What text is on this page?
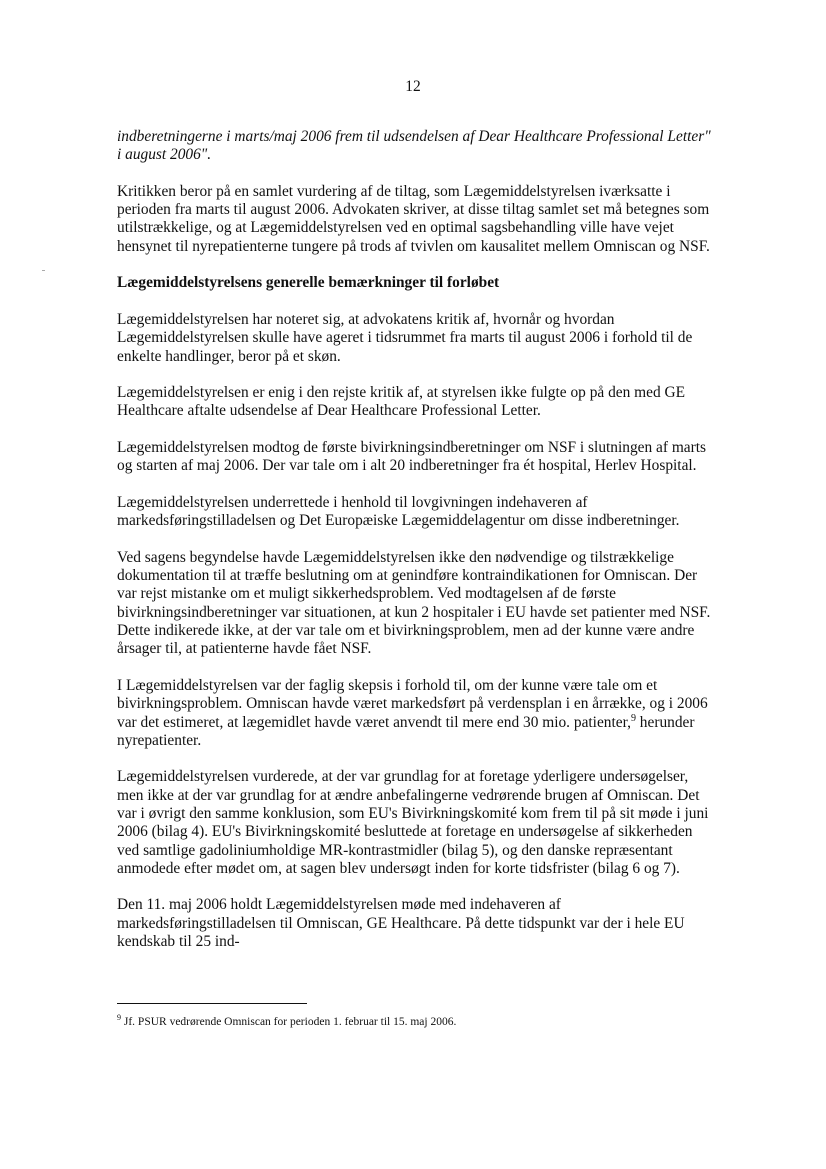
12

indberetningerne i marts/maj 2006 frem til udsendelsen af Dear Healthcare Professional Letter" i august 2006".

Kritikken beror på en samlet vurdering af de tiltag, som Lægemiddelstyrelsen iværksatte i perioden fra marts til august 2006. Advokaten skriver, at disse tiltag samlet set må betegnes som utilstrækkelige, og at Lægemiddelstyrelsen ved en optimal sagsbehandling ville have vejet hensynet til nyrepatienterne tungere på trods af tvivlen om kausalitet mellem Omniscan og NSF.

Lægemiddelstyrelsens generelle bemærkninger til forløbet

Lægemiddelstyrelsen har noteret sig, at advokatens kritik af, hvornår og hvordan Lægemiddelstyrelsen skulle have ageret i tidsrummet fra marts til august 2006 i forhold til de enkelte handlinger, beror på et skøn.

Lægemiddelstyrelsen er enig i den rejste kritik af, at styrelsen ikke fulgte op på den med GE Healthcare aftalte udsendelse af Dear Healthcare Professional Letter.

Lægemiddelstyrelsen modtog de første bivirkningsindberetninger om NSF i slutningen af marts og starten af maj 2006. Der var tale om i alt 20 indberetninger fra ét hospital, Herlev Hospital.

Lægemiddelstyrelsen underrettede i henhold til lovgivningen indehaveren af markedsføringstilladelsen og Det Europæiske Lægemiddelagentur om disse indberetninger.

Ved sagens begyndelse havde Lægemiddelstyrelsen ikke den nødvendige og tilstrækkelige dokumentation til at træffe beslutning om at genindføre kontraindikationen for Omniscan. Der var rejst mistanke om et muligt sikkerhedsproblem. Ved modtagelsen af de første bivirkningsindberetninger var situationen, at kun 2 hospitaler i EU havde set patienter med NSF. Dette indikerede ikke, at der var tale om et bivirkningsproblem, men ad der kunne være andre årsager til, at patienterne havde fået NSF.

I Lægemiddelstyrelsen var der faglig skepsis i forhold til, om der kunne være tale om et bivirkningsproblem. Omniscan havde været markedsført på verdensplan i en årrække, og i 2006 var det estimeret, at lægemidlet havde været anvendt til mere end 30 mio. patienter,$^9$ herunder nyrepatienter.

Lægemiddelstyrelsen vurderede, at der var grundlag for at foretage yderligere undersøgelser, men ikke at der var grundlag for at ændre anbefalingerne vedrørende brugen af Omniscan. Det var i øvrigt den samme konklusion, som EU's Bivirkningskomité kom frem til på sit møde i juni 2006 (bilag 4). EU's Bivirkningskomité besluttede at foretage en undersøgelse af sikkerheden ved samtlige gadoliniumholdige MR-kontrastmidler (bilag 5), og den danske repræsentant anmodede efter mødet om, at sagen blev undersøgt inden for korte tidsfrister (bilag 6 og 7).

Den 11. maj 2006 holdt Lægemiddelstyrelsen møde med indehaveren af markedsføringstilladelsen til Omniscan, GE Healthcare. På dette tidspunkt var der i hele EU kendskab til 25 ind-

$^9$ Jf. PSUR vedrørende Omniscan for perioden 1. februar til 15. maj 2006.
